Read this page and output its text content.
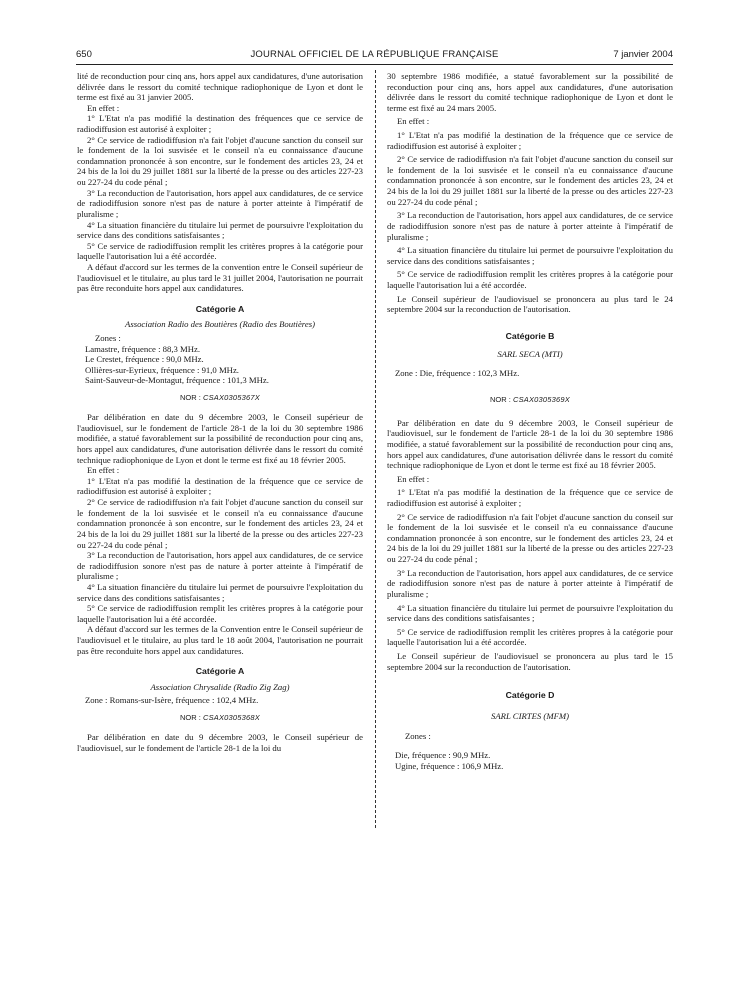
650	JOURNAL OFFICIEL DE LA RÉPUBLIQUE FRANÇAISE	7 janvier 2004

lité de reconduction pour cinq ans, hors appel aux candidatures, d'une autorisation délivrée dans le ressort du comité technique radiophonique de Lyon et dont le terme est fixé au 31 janvier 2005.

En effet :

1° L'Etat n'a pas modifié la destination des fréquences que ce service de radiodiffusion est autorisé à exploiter ;

2° Ce service de radiodiffusion n'a fait l'objet d'aucune sanction du conseil sur le fondement de la loi susvisée et le conseil n'a eu connaissance d'aucune condamnation prononcée à son encontre, sur le fondement des articles 23, 24 et 24 bis de la loi du 29 juillet 1881 sur la liberté de la presse ou des articles 227-23 ou 227-24 du code pénal ;

3° La reconduction de l'autorisation, hors appel aux candidatures, de ce service de radiodiffusion sonore n'est pas de nature à porter atteinte à l'impératif de pluralisme ;

4° La situation financière du titulaire lui permet de poursuivre l'exploitation du service dans des conditions satisfaisantes ;

5° Ce service de radiodiffusion remplit les critères propres à la catégorie pour laquelle l'autorisation lui a été accordée.

A défaut d'accord sur les termes de la convention entre le Conseil supérieur de l'audiovisuel et le titulaire, au plus tard le 31 juillet 2004, l'autorisation ne pourrait pas être reconduite hors appel aux candidatures.

Catégorie A
Association Radio des Boutières (Radio des Boutières)
Zones :
Lamastre, fréquence : 88,3 MHz.
Le Crestet, fréquence : 90,0 MHz.
Ollières-sur-Eyrieux, fréquence : 91,0 MHz.
Saint-Sauveur-de-Montagut, fréquence : 101,3 MHz.
NOR : CSAX0305367X

Par délibération en date du 9 décembre 2003, le Conseil supérieur de l'audiovisuel, sur le fondement de l'article 28-1 de la loi du 30 septembre 1986 modifiée, a statué favorablement sur la possibilité de reconduction pour cinq ans, hors appel aux candidatures, d'une autorisation délivrée dans le ressort du comité technique radiophonique de Lyon et dont le terme est fixé au 18 février 2005.

En effet :

1° L'Etat n'a pas modifié la destination de la fréquence que ce service de radiodiffusion est autorisé à exploiter ;

2° Ce service de radiodiffusion n'a fait l'objet d'aucune sanction du conseil sur le fondement de la loi susvisée et le conseil n'a eu connaissance d'aucune condamnation prononcée à son encontre, sur le fondement des articles 23, 24 et 24 bis de la loi du 29 juillet 1881 sur la liberté de la presse ou des articles 227-23 ou 227-24 du code pénal ;

3° La reconduction de l'autorisation, hors appel aux candidatures, de ce service de radiodiffusion sonore n'est pas de nature à porter atteinte à l'impératif de pluralisme ;

4° La situation financière du titulaire lui permet de poursuivre l'exploitation du service dans des conditions satisfaisantes ;

5° Ce service de radiodiffusion remplit les critères propres à la catégorie pour laquelle l'autorisation lui a été accordée.

A défaut d'accord sur les termes de la Convention entre le Conseil supérieur de l'audiovisuel et le titulaire, au plus tard le 18 août 2004, l'autorisation ne pourrait pas être reconduite hors appel aux candidatures.

Catégorie A
Association Chrysalide (Radio Zig Zag)
Zone : Romans-sur-Isère, fréquence : 102,4 MHz.
NOR : CSAX0305368X

Par délibération en date du 9 décembre 2003, le Conseil supérieur de l'audiovisuel, sur le fondement de l'article 28-1 de la loi du

30 septembre 1986 modifiée, a statué favorablement sur la possibilité de reconduction pour cinq ans, hors appel aux candidatures, d'une autorisation délivrée dans le ressort du comité technique radiophonique de Lyon et dont le terme est fixé au 24 mars 2005.

En effet :

1° L'Etat n'a pas modifié la destination de la fréquence que ce service de radiodiffusion est autorisé à exploiter ;

2° Ce service de radiodiffusion n'a fait l'objet d'aucune sanction du conseil sur le fondement de la loi susvisée et le conseil n'a eu connaissance d'aucune condamnation prononcée à son encontre, sur le fondement des articles 23, 24 et 24 bis de la loi du 29 juillet 1881 sur la liberté de la presse ou des articles 227-23 ou 227-24 du code pénal ;

3° La reconduction de l'autorisation, hors appel aux candidatures, de ce service de radiodiffusion sonore n'est pas de nature à porter atteinte à l'impératif de pluralisme ;

4° La situation financière du titulaire lui permet de poursuivre l'exploitation du service dans des conditions satisfaisantes ;

5° Ce service de radiodiffusion remplit les critères propres à la catégorie pour laquelle l'autorisation lui a été accordée.

Le Conseil supérieur de l'audiovisuel se prononcera au plus tard le 24 septembre 2004 sur la reconduction de l'autorisation.

Catégorie B
SARL SECA (MTI)
Zone : Die, fréquence : 102,3 MHz.
NOR : CSAX0305369X

Par délibération en date du 9 décembre 2003, le Conseil supérieur de l'audiovisuel, sur le fondement de l'article 28-1 de la loi du 30 septembre 1986 modifiée, a statué favorablement sur la possibilité de reconduction pour cinq ans, hors appel aux candidatures, d'une autorisation délivrée dans le ressort du comité technique radiophonique de Lyon et dont le terme est fixé au 18 février 2005.

En effet :

1° L'Etat n'a pas modifié la destination de la fréquence que ce service de radiodiffusion est autorisé à exploiter ;

2° Ce service de radiodiffusion n'a fait l'objet d'aucune sanction du conseil sur le fondement de la loi susvisée et le conseil n'a eu connaissance d'aucune condamnation prononcée à son encontre, sur le fondement des articles 23, 24 et 24 bis de la loi du 29 juillet 1881 sur la liberté de la presse ou des articles 227-23 ou 227-24 du code pénal ;

3° La reconduction de l'autorisation, hors appel aux candidatures, de ce service de radiodiffusion sonore n'est pas de nature à porter atteinte à l'impératif de pluralisme ;

4° La situation financière du titulaire lui permet de poursuivre l'exploitation du service dans des conditions satisfaisantes ;

5° Ce service de radiodiffusion remplit les critères propres à la catégorie pour laquelle l'autorisation lui a été accordée.

Le Conseil supérieur de l'audiovisuel se prononcera au plus tard le 15 septembre 2004 sur la reconduction de l'autorisation.

Catégorie D
SARL CIRTES (MFM)
Zones :
Die, fréquence : 90,9 MHz.
Ugine, fréquence : 106,9 MHz.
